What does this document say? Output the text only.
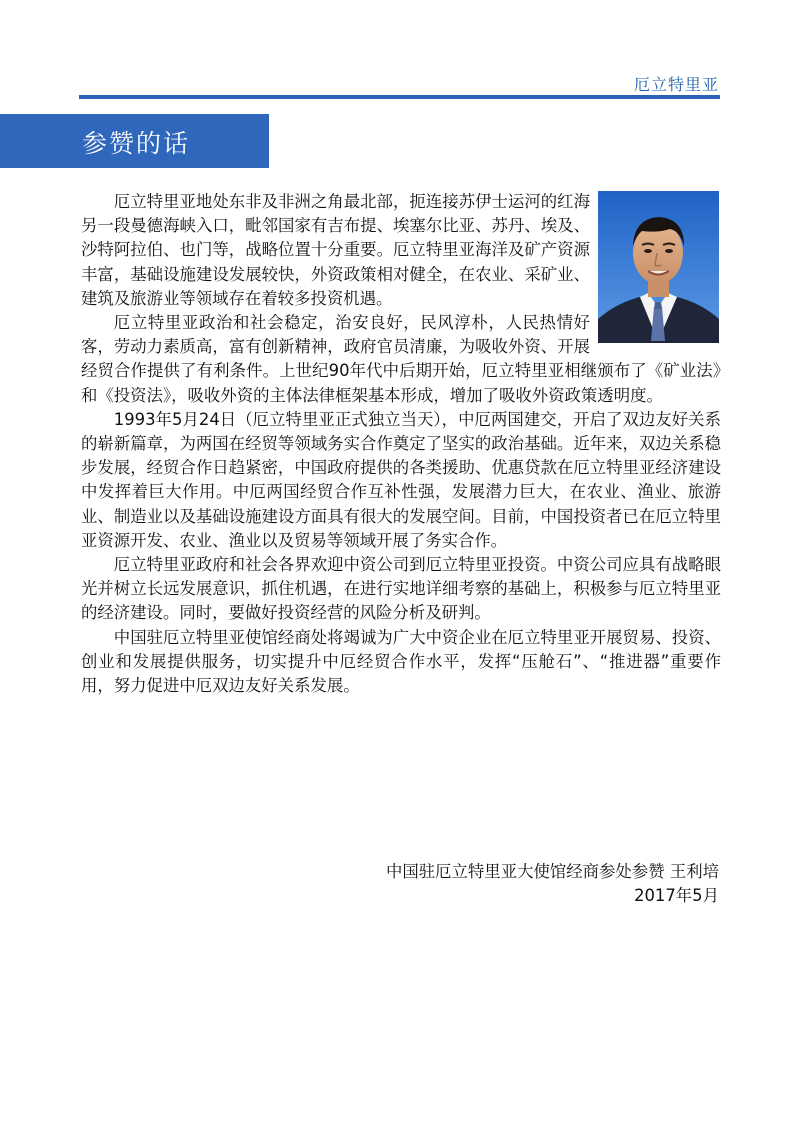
厄立特里亚
参赞的话

厄立特里亚地处东非及非洲之角最北部，扼连接苏伊士运河的红海另一段曼德海峡入口，毗邻国家有吉布提、埃塞尔比亚、苏丹、埃及、沙特阿拉伯、也门等，战略位置十分重要。厄立特里亚海洋及矿产资源丰富，基础设施建设发展较快，外资政策相对健全，在农业、采矿业、建筑及旅游业等领域存在着较多投资机遇。

厄立特里亚政治和社会稳定，治安良好，民风淳朴，人民热情好客，劳动力素质高，富有创新精神，政府官员清廉，为吸收外资、开展经贸合作提供了有利条件。上世纪90年代中后期开始，厄立特里亚相继颁布了《矿业法》和《投资法》，吸收外资的主体法律框架基本形成，增加了吸收外资政策透明度。

1993年5月24日（厄立特里亚正式独立当天），中厄两国建交，开启了双边友好关系的崭新篇章，为两国在经贸等领域务实合作奠定了坚实的政治基础。近年来，双边关系稳步发展，经贸合作日趋紧密，中国政府提供的各类援助、优惠贷款在厄立特里亚经济建设中发挥着巨大作用。中厄两国经贸合作互补性强，发展潜力巨大，在农业、渔业、旅游业、制造业以及基础设施建设方面具有很大的发展空间。目前，中国投资者已在厄立特里亚资源开发、农业、渔业以及贸易等领域开展了务实合作。

厄立特里亚政府和社会各界欢迎中资公司到厄立特里亚投资。中资公司应具有战略眼光并树立长远发展意识，抓住机遇，在进行实地详细考察的基础上，积极参与厄立特里亚的经济建设。同时，要做好投资经营的风险分析及研判。

中国驻厄立特里亚使馆经商处将竭诚为广大中资企业在厄立特里亚开展贸易、投资、创业和发展提供服务，切实提升中厄经贸合作水平，发挥“压舱石”、“推进器”重要作用，努力促进中厄双边友好关系发展。

中国驻厄立特里亚大使馆经商参处参赞 王利培
2017年5月
